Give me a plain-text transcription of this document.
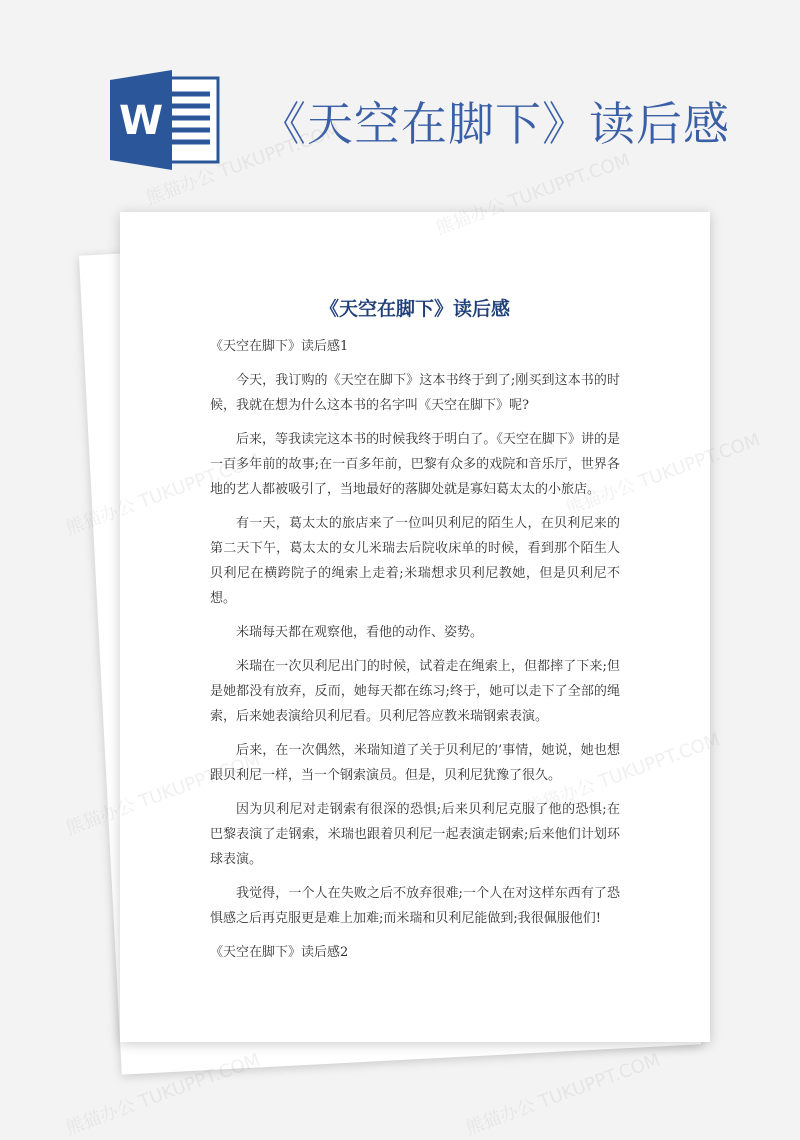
W 《天空在脚下》读后感
《天空在脚下》读后感

《天空在脚下》读后感1

今天，我订购的《天空在脚下》这本书终于到了;刚买到这本书的时候，我就在想为什么这本书的名字叫《天空在脚下》呢?

后来，等我读完这本书的时候我终于明白了。《天空在脚下》讲的是一百多年前的故事;在一百多年前，巴黎有众多的戏院和音乐厅，世界各地的艺人都被吸引了，当地最好的落脚处就是寡妇葛太太的小旅店。

有一天，葛太太的旅店来了一位叫贝利尼的陌生人，在贝利尼来的第二天下午，葛太太的女儿米瑞去后院收床单的时候，看到那个陌生人贝利尼在横跨院子的绳索上走着;米瑞想求贝利尼教她，但是贝利尼不想。

米瑞每天都在观察他，看他的动作、姿势。

米瑞在一次贝利尼出门的时候，试着走在绳索上，但都摔了下来;但是她都没有放弃，反而，她每天都在练习;终于，她可以走下了全部的绳索，后来她表演给贝利尼看。贝利尼答应教米瑞钢索表演。

后来，在一次偶然，米瑞知道了关于贝利尼的’事情，她说，她也想跟贝利尼一样，当一个钢索演员。但是，贝利尼犹豫了很久。

因为贝利尼对走钢索有很深的恐惧;后来贝利尼克服了他的恐惧;在巴黎表演了走钢索，米瑞也跟着贝利尼一起表演走钢索;后来他们计划环球表演。

我觉得，一个人在失败之后不放弃很难;一个人在对这样东西有了恐惧感之后再克服更是难上加难;而米瑞和贝利尼能做到;我很佩服他们!

《天空在脚下》读后感2

熊猫办公 TUKUPPT.COM	熊猫办公 TUKUPPT.COM
熊猫办公
熊猫办公 TUKUPPT.COM	熊猫办公 TUKUPPT.COM
